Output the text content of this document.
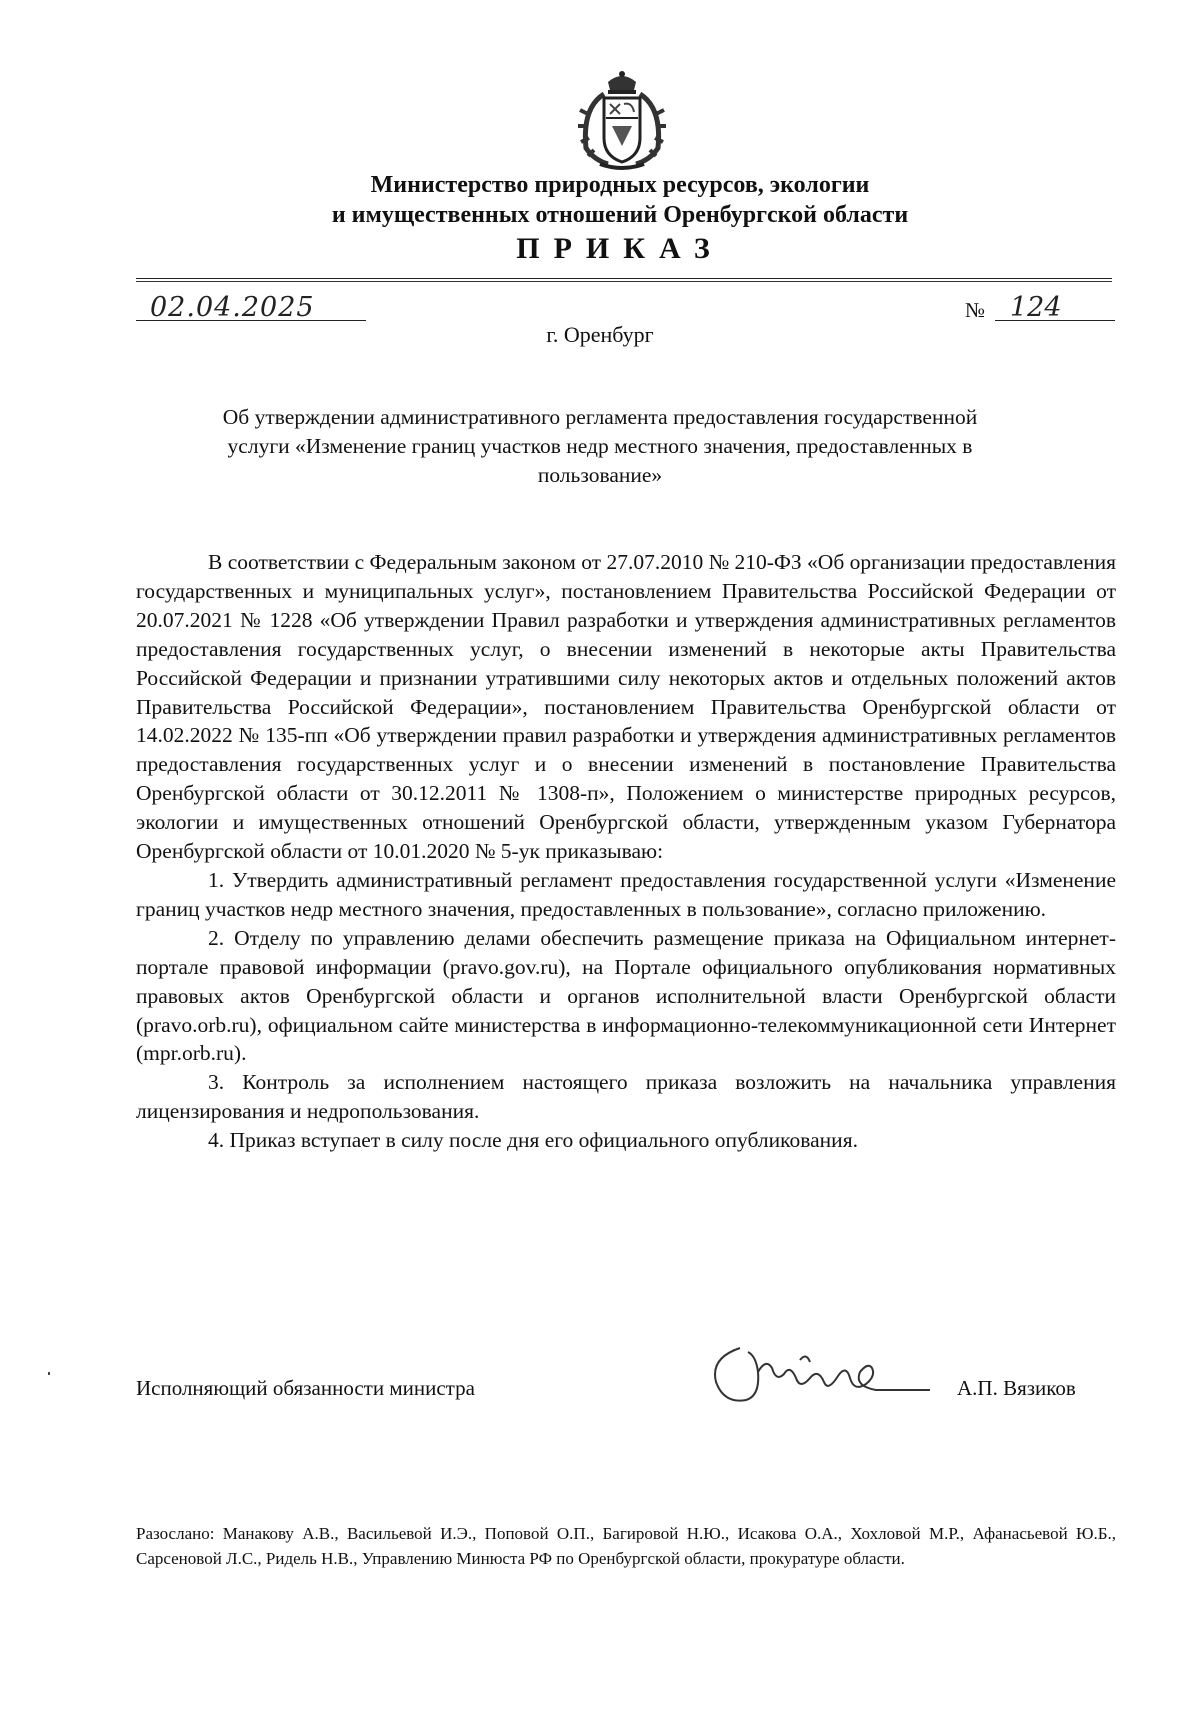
Министерство природных ресурсов, экологии
и имущественных отношений Оренбургской области
ПРИКАЗ
02.04.2025	№ 124
г. Оренбург
Об утверждении административного регламента предоставления государственной услуги «Изменение границ участков недр местного значения, предоставленных в пользование»

В соответствии с Федеральным законом от 27.07.2010 № 210-ФЗ «Об организации предоставления государственных и муниципальных услуг», постановлением Правительства Российской Федерации от 20.07.2021 № 1228 «Об утверждении Правил разработки и утверждения административных регламентов предоставления государственных услуг, о внесении изменений в некоторые акты Правительства Российской Федерации и признании утратившими силу некоторых актов и отдельных положений актов Правительства Российской Федерации», постановлением Правительства Оренбургской области от 14.02.2022 № 135-пп «Об утверждении правил разработки и утверждения административных регламентов предоставления государственных услуг и о внесении изменений в постановление Правительства Оренбургской области от 30.12.2011 № 1308-п», Положением о министерстве природных ресурсов, экологии и имущественных отношений Оренбургской области, утвержденным указом Губернатора Оренбургской области от 10.01.2020 № 5-ук приказываю:

1. Утвердить административный регламент предоставления государственной услуги «Изменение границ участков недр местного значения, предоставленных в пользование», согласно приложению.

2. Отделу по управлению делами обеспечить размещение приказа на Официальном интернет-портале правовой информации (pravo.gov.ru), на Портале официального опубликования нормативных правовых актов Оренбургской области и органов исполнительной власти Оренбургской области (pravo.orb.ru), официальном сайте министерства в информационно-телекоммуникационной сети Интернет (mpr.orb.ru).

3. Контроль за исполнением настоящего приказа возложить на начальника управления лицензирования и недропользования.

4. Приказ вступает в силу после дня его официального опубликования.

Исполняющий обязанности министра	А.П. Вязиков
Разослано: Манакову А.В., Васильевой И.Э., Поповой О.П., Багировой Н.Ю., Исакова О.А., Хохловой М.Р., Афанасьевой Ю.Б., Сарсеновой Л.С., Ридель Н.В., Управлению Минюста РФ по Оренбургской области, прокуратуре области.
